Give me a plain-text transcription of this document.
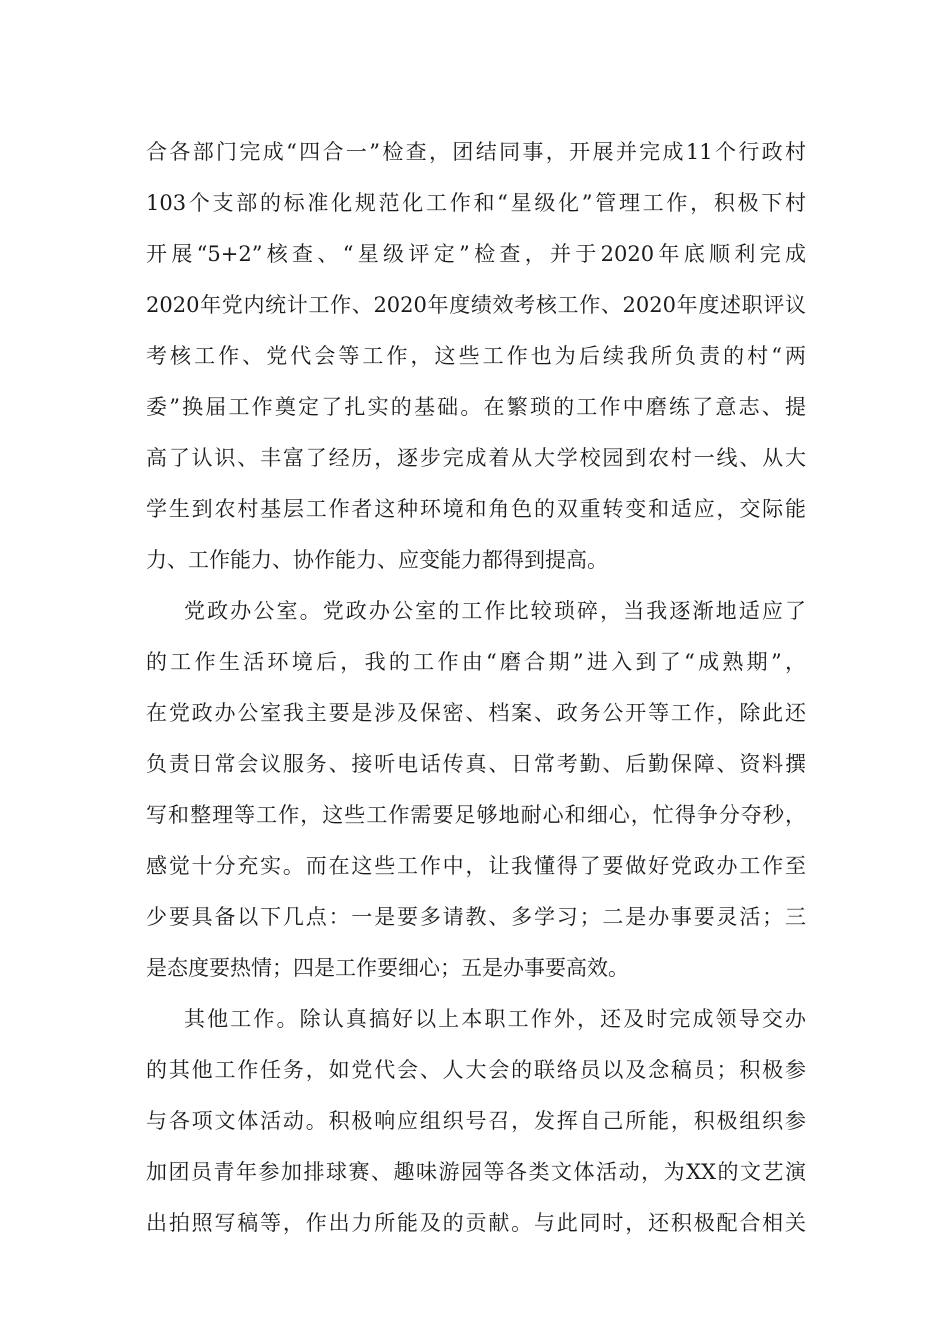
合各部门完成“四合一”检查，团结同事，开展并完成11个行政村
103个支部的标准化规范化工作和“星级化”管理工作，积极下村
开展“5+2”核查、“星级评定”检查，并于2020年底顺利完成
2020年党内统计工作、2020年度绩效考核工作、2020年度述职评议
考核工作、党代会等工作，这些工作也为后续我所负责的村“两
委”换届工作奠定了扎实的基础。在繁琐的工作中磨练了意志、提
高了认识、丰富了经历，逐步完成着从大学校园到农村一线、从大
学生到农村基层工作者这种环境和角色的双重转变和适应，交际能
力、工作能力、协作能力、应变能力都得到提高。
党政办公室。党政办公室的工作比较琐碎，当我逐渐地适应了
的工作生活环境后，我的工作由“磨合期”进入到了“成熟期”，
在党政办公室我主要是涉及保密、档案、政务公开等工作，除此还
负责日常会议服务、接听电话传真、日常考勤、后勤保障、资料撰
写和整理等工作，这些工作需要足够地耐心和细心，忙得争分夺秒，
感觉十分充实。而在这些工作中，让我懂得了要做好党政办工作至
少要具备以下几点：一是要多请教、多学习；二是办事要灵活；三
是态度要热情；四是工作要细心；五是办事要高效。
其他工作。除认真搞好以上本职工作外，还及时完成领导交办
的其他工作任务，如党代会、人大会的联络员以及念稿员；积极参
与各项文体活动。积极响应组织号召，发挥自己所能，积极组织参
加团员青年参加排球赛、趣味游园等各类文体活动，为XX的文艺演
出拍照写稿等，作出力所能及的贡献。与此同时，还积极配合相关
